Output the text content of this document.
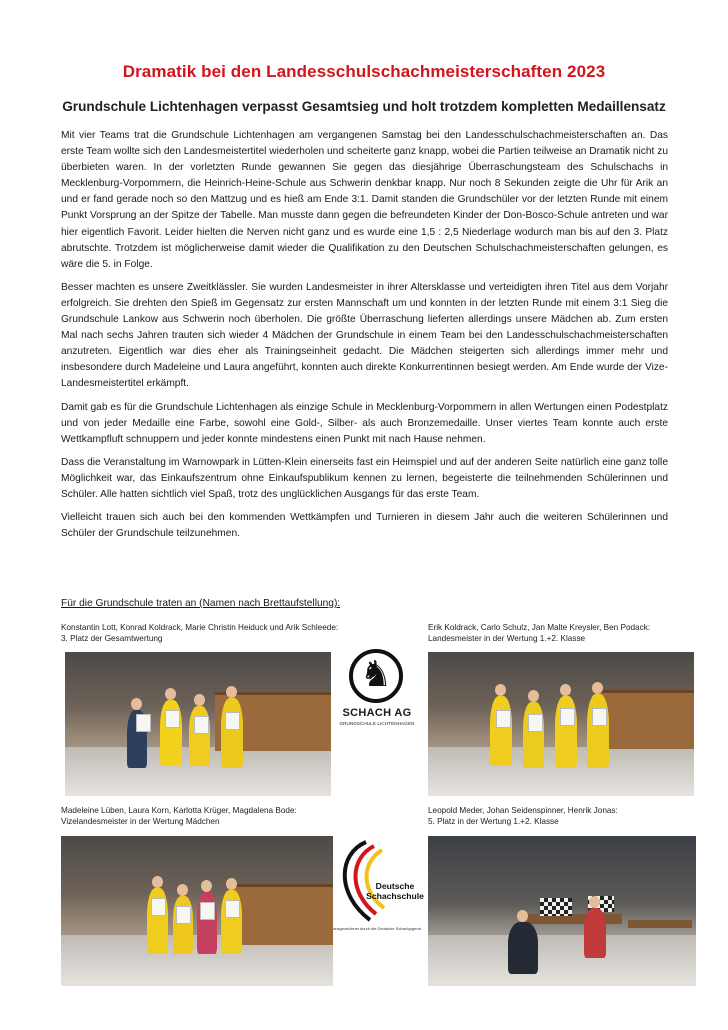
Dramatik bei den Landesschulschachmeisterschaften 2023
Grundschule Lichtenhagen verpasst Gesamtsieg und holt trotzdem kompletten Medaillensatz

Mit vier Teams trat die Grundschule Lichtenhagen am vergangenen Samstag bei den Landesschulschachmeisterschaften an. Das erste Team wollte sich den Landesmeistertitel wiederholen und scheiterte ganz knapp, wobei die Partien teilweise an Dramatik nicht zu überbieten waren. In der vorletzten Runde gewannen Sie gegen das diesjährige Überraschungsteam des Schulschachs in Mecklenburg-Vorpommern, die Heinrich-Heine-Schule aus Schwerin denkbar knapp. Nur noch 8 Sekunden zeigte die Uhr für Arik an und er fand gerade noch so den Mattzug und es hieß am Ende 3:1. Damit standen die Grundschüler vor der letzten Runde mit einem Punkt Vorsprung an der Spitze der Tabelle. Man musste dann gegen die befreundeten Kinder der Don-Bosco-Schule antreten und war hier eigentlich Favorit. Leider hielten die Nerven nicht ganz und es wurde eine 1,5 : 2,5 Niederlage wodurch man bis auf den 3. Platz abrutschte. Trotzdem ist möglicherweise damit wieder die Qualifikation zu den Deutschen Schulschachmeisterschaften gelungen, es wäre die 5. in Folge.

Besser machten es unsere Zweitklässler. Sie wurden Landesmeister in ihrer Altersklasse und verteidigten ihren Titel aus dem Vorjahr erfolgreich. Sie drehten den Spieß im Gegensatz zur ersten Mannschaft um und konnten in der letzten Runde mit einem 3:1 Sieg die Grundschule Lankow aus Schwerin noch überholen. Die größte Überraschung lieferten allerdings unsere Mädchen ab. Zum ersten Mal nach sechs Jahren trauten sich wieder 4 Mädchen der Grundschule in einem Team bei den Landesschulschachmeisterschaften anzutreten. Eigentlich war dies eher als Trainingseinheit gedacht. Die Mädchen steigerten sich allerdings immer mehr und insbesondere durch Madeleine und Laura angeführt, konnten auch direkte Konkurrentinnen besiegt werden. Am Ende wurde der Vize-Landesmeistertitel erkämpft.

Damit gab es für die Grundschule Lichtenhagen als einzige Schule in Mecklenburg-Vorpommern in allen Wertungen einen Podestplatz und von jeder Medaille eine Farbe, sowohl eine Gold-, Silber- als auch Bronzemedaille. Unser viertes Team konnte auch erste Wettkampfluft schnuppern und jeder konnte mindestens einen Punkt mit nach Hause nehmen.

Dass die Veranstaltung im Warnowpark in Lütten-Klein einerseits fast ein Heimspiel und auf der anderen Seite natürlich eine ganz tolle Möglichkeit war, das Einkaufszentrum ohne Einkaufspublikum kennen zu lernen, begeisterte die teilnehmenden Schülerinnen und Schüler. Alle hatten sichtlich viel Spaß, trotz des unglücklichen Ausgangs für das erste Team.

Vielleicht trauen sich auch bei den kommenden Wettkämpfen und Turnieren in diesem Jahr auch die weiteren Schülerinnen und Schüler der Grundschule teilzunehmen.

Für die Grundschule traten an (Namen nach Brettaufstellung):
Konstantin Lott, Konrad Koldrack, Marie Christin Heiduck und Arik Schleede:
3. Platz der Gesamtwertung
Erik Koldrack, Carlo Schulz, Jan Malte Kreysler, Ben Podack:
Landesmeister in der Wertung 1.+2. Klasse
♞
SCHACH AG
GRUNDSCHULE LICHTENHAGEN
Madeleine Lüben, Laura Korn, Karlotta Krüger, Magdalena Bode:
Vizelandesmeister in der Wertung Mädchen
Deutsche
Schachschule
ausgezeichnet durch die Deutsche Schachjugend
Leopold Meder, Johan Seidenspinner, Henrik Jonas:
5. Platz in der Wertung 1.+2. Klasse
